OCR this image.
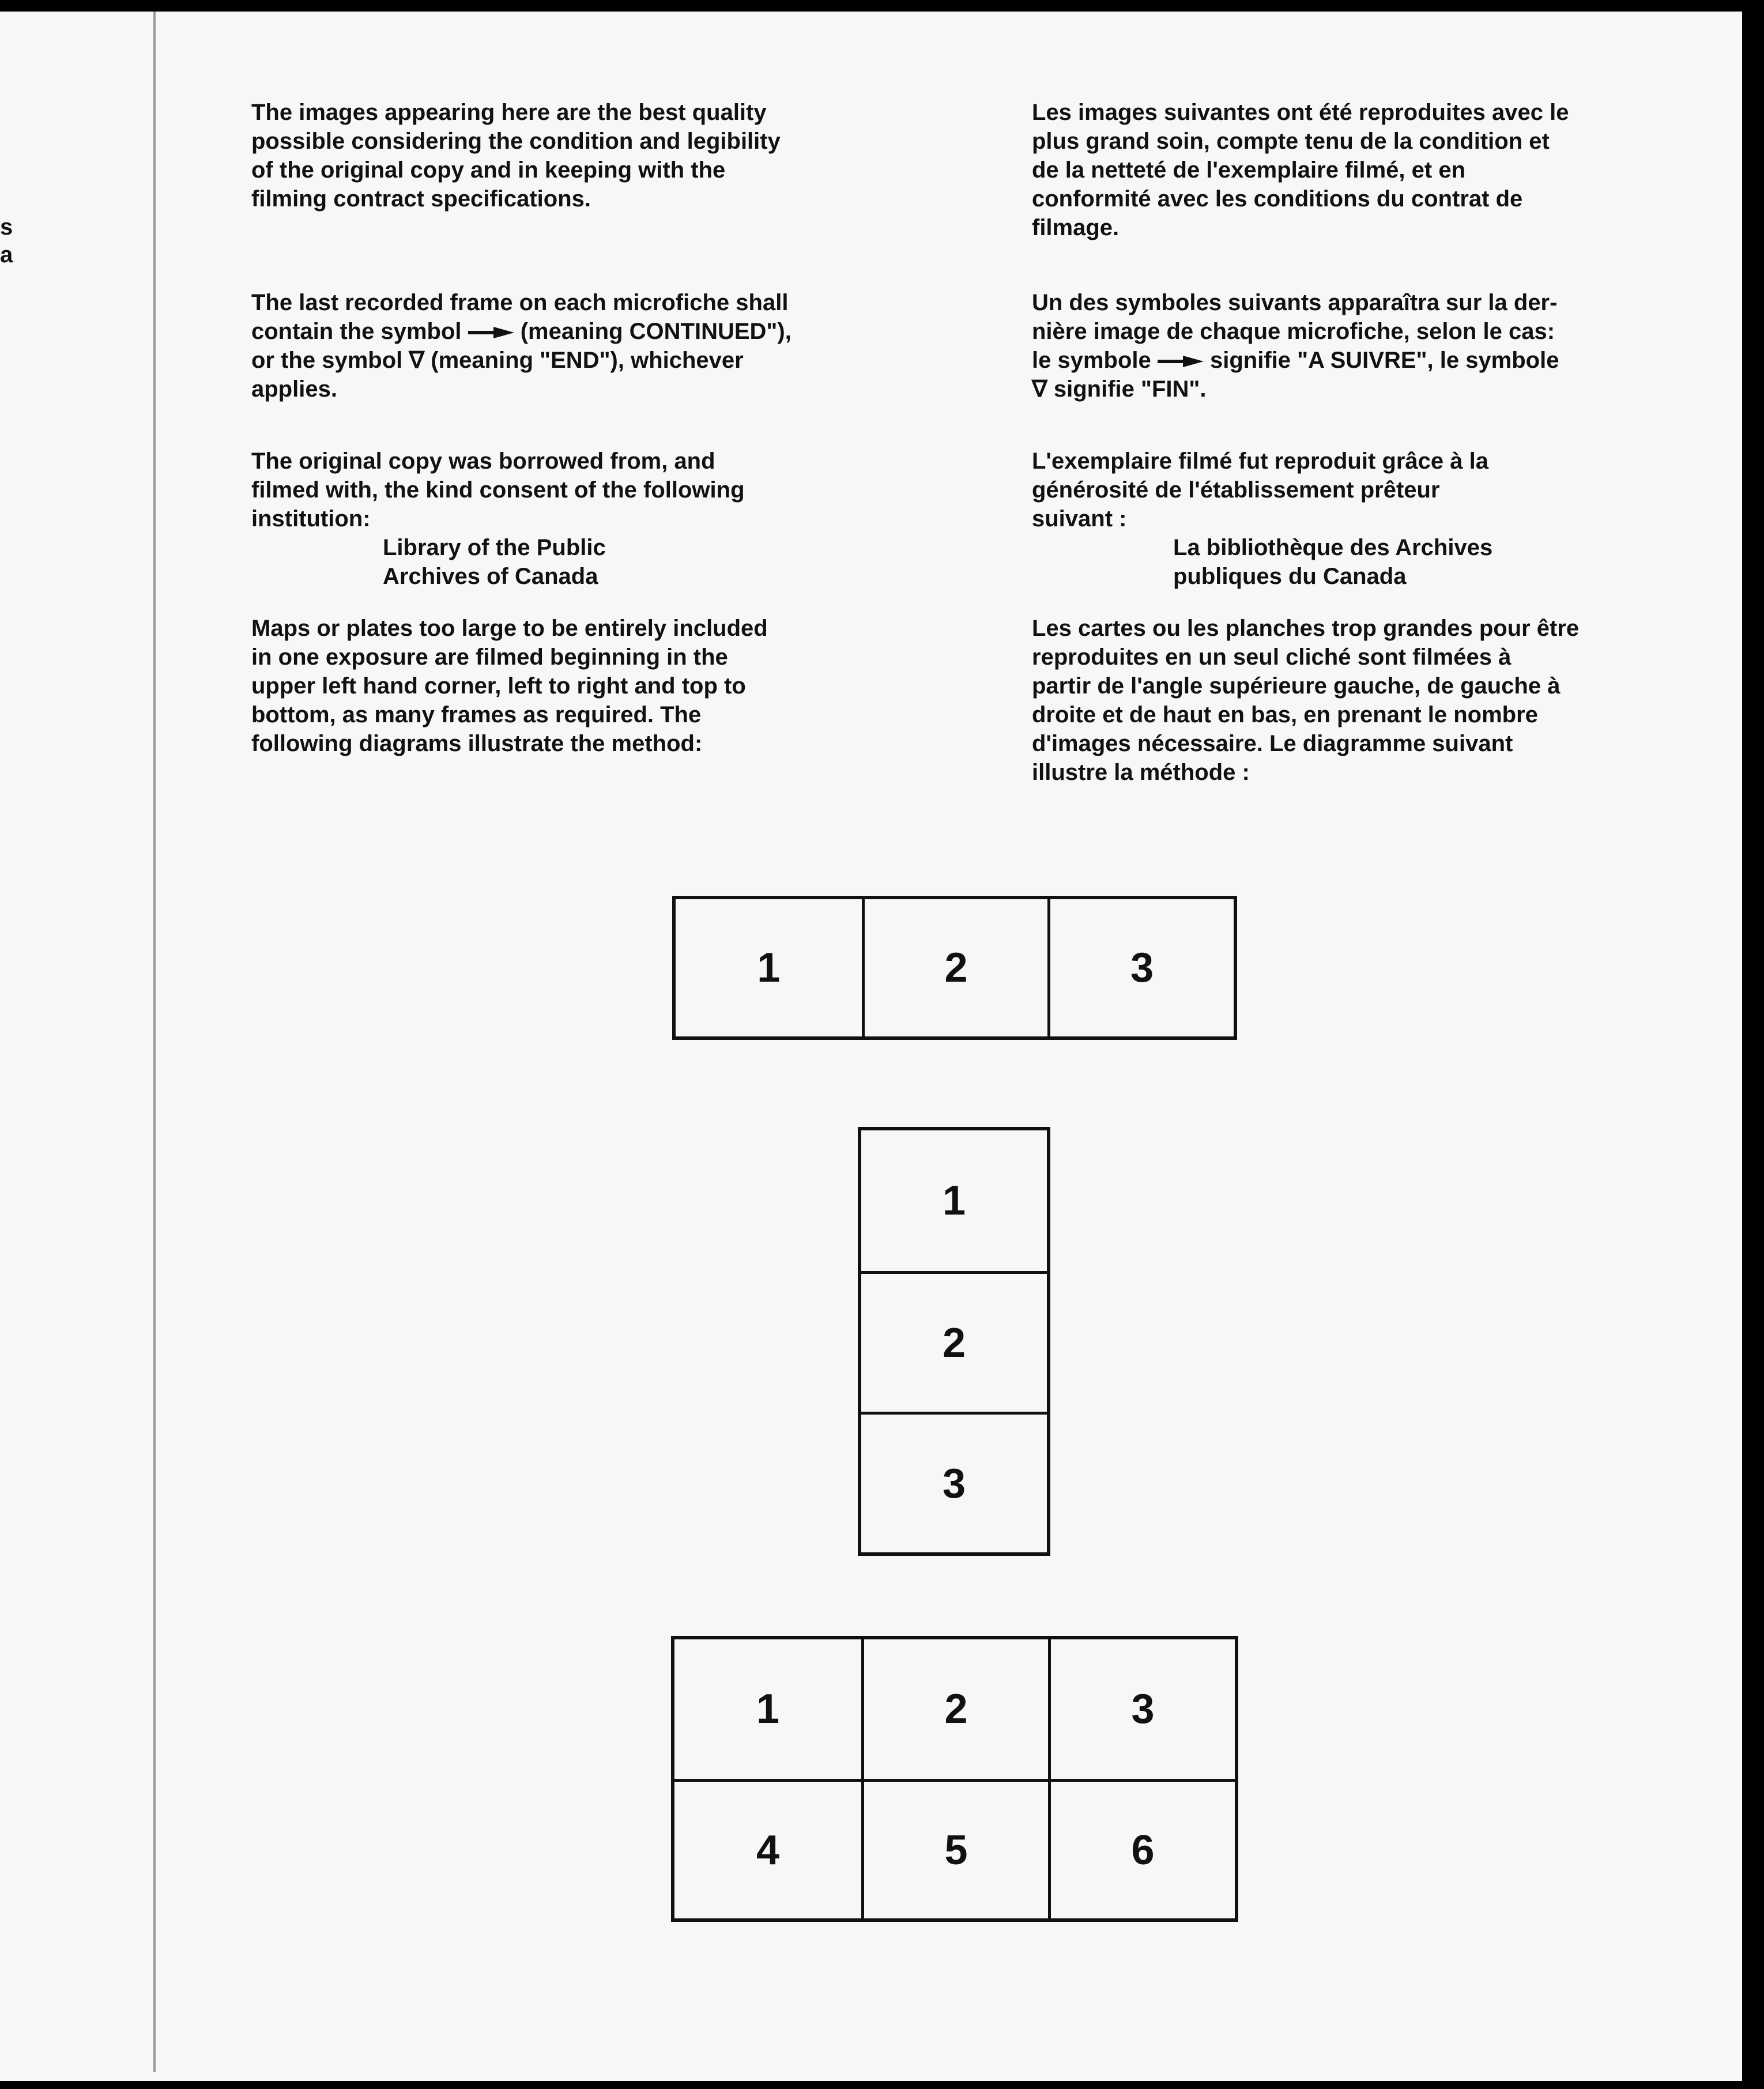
s
a

The images appearing here are the best quality
possible considering the condition and legibility
of the original copy and in keeping with the
filming contract specifications.

The last recorded frame on each microfiche shall
contain the symbol	(meaning CONTINUED"),
or the symbol ∇ (meaning "END"), whichever
applies.

The original copy was borrowed from, and
filmed with, the kind consent of the following
institution:

Library of the Public
Archives of Canada

Maps or plates too large to be entirely included
in one exposure are filmed beginning in the
upper left hand corner, left to right and top to
bottom, as many frames as required. The
following diagrams illustrate the method:

Les images suivantes ont été reproduites avec le
plus grand soin, compte tenu de la condition et
de la netteté de l'exemplaire filmé, et en
conformité avec les conditions du contrat de
filmage.

Un des symboles suivants apparaîtra sur la der-
nière image de chaque microfiche, selon le cas:
le symbole	signifie "A SUIVRE", le symbole
∇ signifie "FIN".

L'exemplaire filmé fut reproduit grâce à la
générosité de l'établissement prêteur
suivant :

La bibliothèque des Archives
publiques du Canada

Les cartes ou les planches trop grandes pour être
reproduites en un seul cliché sont filmées à
partir de l'angle supérieure gauche, de gauche à
droite et de haut en bas, en prenant le nombre
d'images nécessaire. Le diagramme suivant
illustre la méthode :

1	2	3
1
2
3
1	2	3
4	5	6
